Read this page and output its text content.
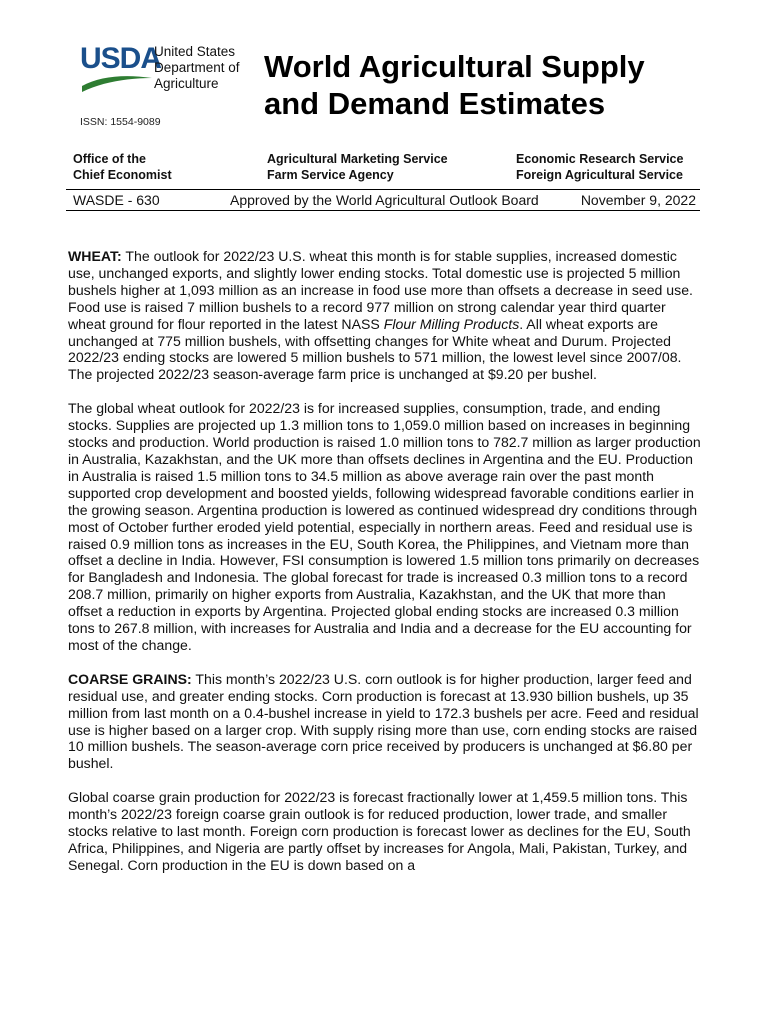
USDA
United States
Department of
Agriculture
ISSN: 1554-9089
World Agricultural Supply
and Demand Estimates
Office of the
Chief Economist
Agricultural Marketing Service
Farm Service Agency
Economic Research Service
Foreign Agricultural Service
WASDE - 630	Approved by the World Agricultural Outlook Board	November 9, 2022

WHEAT: The outlook for 2022/23 U.S. wheat this month is for stable supplies, increased domestic use, unchanged exports, and slightly lower ending stocks. Total domestic use is projected 5 million bushels higher at 1,093 million as an increase in food use more than offsets a decrease in seed use. Food use is raised 7 million bushels to a record 977 million on strong calendar year third quarter wheat ground for flour reported in the latest NASS Flour Milling Products. All wheat exports are unchanged at 775 million bushels, with offsetting changes for White wheat and Durum. Projected 2022/23 ending stocks are lowered 5 million bushels to 571 million, the lowest level since 2007/08. The projected 2022/23 season-average farm price is unchanged at $9.20 per bushel.

The global wheat outlook for 2022/23 is for increased supplies, consumption, trade, and ending stocks. Supplies are projected up 1.3 million tons to 1,059.0 million based on increases in beginning stocks and production. World production is raised 1.0 million tons to 782.7 million as larger production in Australia, Kazakhstan, and the UK more than offsets declines in Argentina and the EU. Production in Australia is raised 1.5 million tons to 34.5 million as above average rain over the past month supported crop development and boosted yields, following widespread favorable conditions earlier in the growing season. Argentina production is lowered as continued widespread dry conditions through most of October further eroded yield potential, especially in northern areas. Feed and residual use is raised 0.9 million tons as increases in the EU, South Korea, the Philippines, and Vietnam more than offset a decline in India. However, FSI consumption is lowered 1.5 million tons primarily on decreases for Bangladesh and Indonesia. The global forecast for trade is increased 0.3 million tons to a record 208.7 million, primarily on higher exports from Australia, Kazakhstan, and the UK that more than offset a reduction in exports by Argentina. Projected global ending stocks are increased 0.3 million tons to 267.8 million, with increases for Australia and India and a decrease for the EU accounting for most of the change.

COARSE GRAINS: This month’s 2022/23 U.S. corn outlook is for higher production, larger feed and residual use, and greater ending stocks. Corn production is forecast at 13.930 billion bushels, up 35 million from last month on a 0.4-bushel increase in yield to 172.3 bushels per acre. Feed and residual use is higher based on a larger crop. With supply rising more than use, corn ending stocks are raised 10 million bushels. The season-average corn price received by producers is unchanged at $6.80 per bushel.

Global coarse grain production for 2022/23 is forecast fractionally lower at 1,459.5 million tons. This month’s 2022/23 foreign coarse grain outlook is for reduced production, lower trade, and smaller stocks relative to last month. Foreign corn production is forecast lower as declines for the EU, South Africa, Philippines, and Nigeria are partly offset by increases for Angola, Mali, Pakistan, Turkey, and Senegal. Corn production in the EU is down based on a
